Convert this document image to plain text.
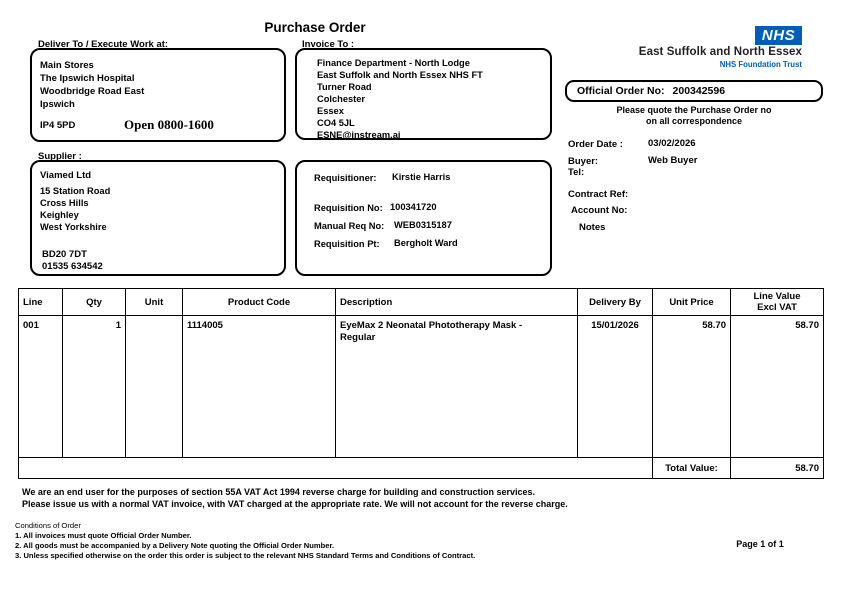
Purchase Order
Deliver To / Execute Work at:
Main Stores
The Ipswich Hospital
Woodbridge Road East
Ipswich
IP4 5PD	Open 0800-1600
Invoice To :
Finance Department - North Lodge
East Suffolk and North Essex NHS FT
Turner Road
Colchester
Essex
CO4 5JL
ESNE@instream.ai
Supplier :
Viamed Ltd
15 Station Road
Cross Hills
Keighley
West Yorkshire
BD20 7DT
01535 634542
Requisitioner: Kirstie Harris
Requisition No: 100341720
Manual Req No: WEB0315187
Requisition Pt: Bergholt Ward
NHS
East Suffolk and North Essex
NHS Foundation Trust
Official Order No: 200342596
Please quote the Purchase Order no
on all correspondence
Order Date :	03/02/2026
Buyer:	Web Buyer
Tel:
Contract Ref:
Account No:
Notes
Line	Qty	Unit	Product Code	Description	Delivery By	Unit Price	Line Value
Excl VAT

001	1		1114005	EyeMax 2 Neonatal Phototherapy Mask - Regular	15/01/2026	58.70	58.70
						Total Value:	58.70
We are an end user for the purposes of section 55A VAT Act 1994 reverse charge for building and construction services.
Please issue us with a normal VAT invoice, with VAT charged at the appropriate rate. We will not account for the reverse charge.
Conditions of Order
1. All invoices must quote Official Order Number.
2. All goods must be accompanied by a Delivery Note quoting the Official Order Number.
3. Unless specified otherwise on the order this order is subject to the relevant NHS Standard Terms and Conditions of Contract.
Page 1 of 1
